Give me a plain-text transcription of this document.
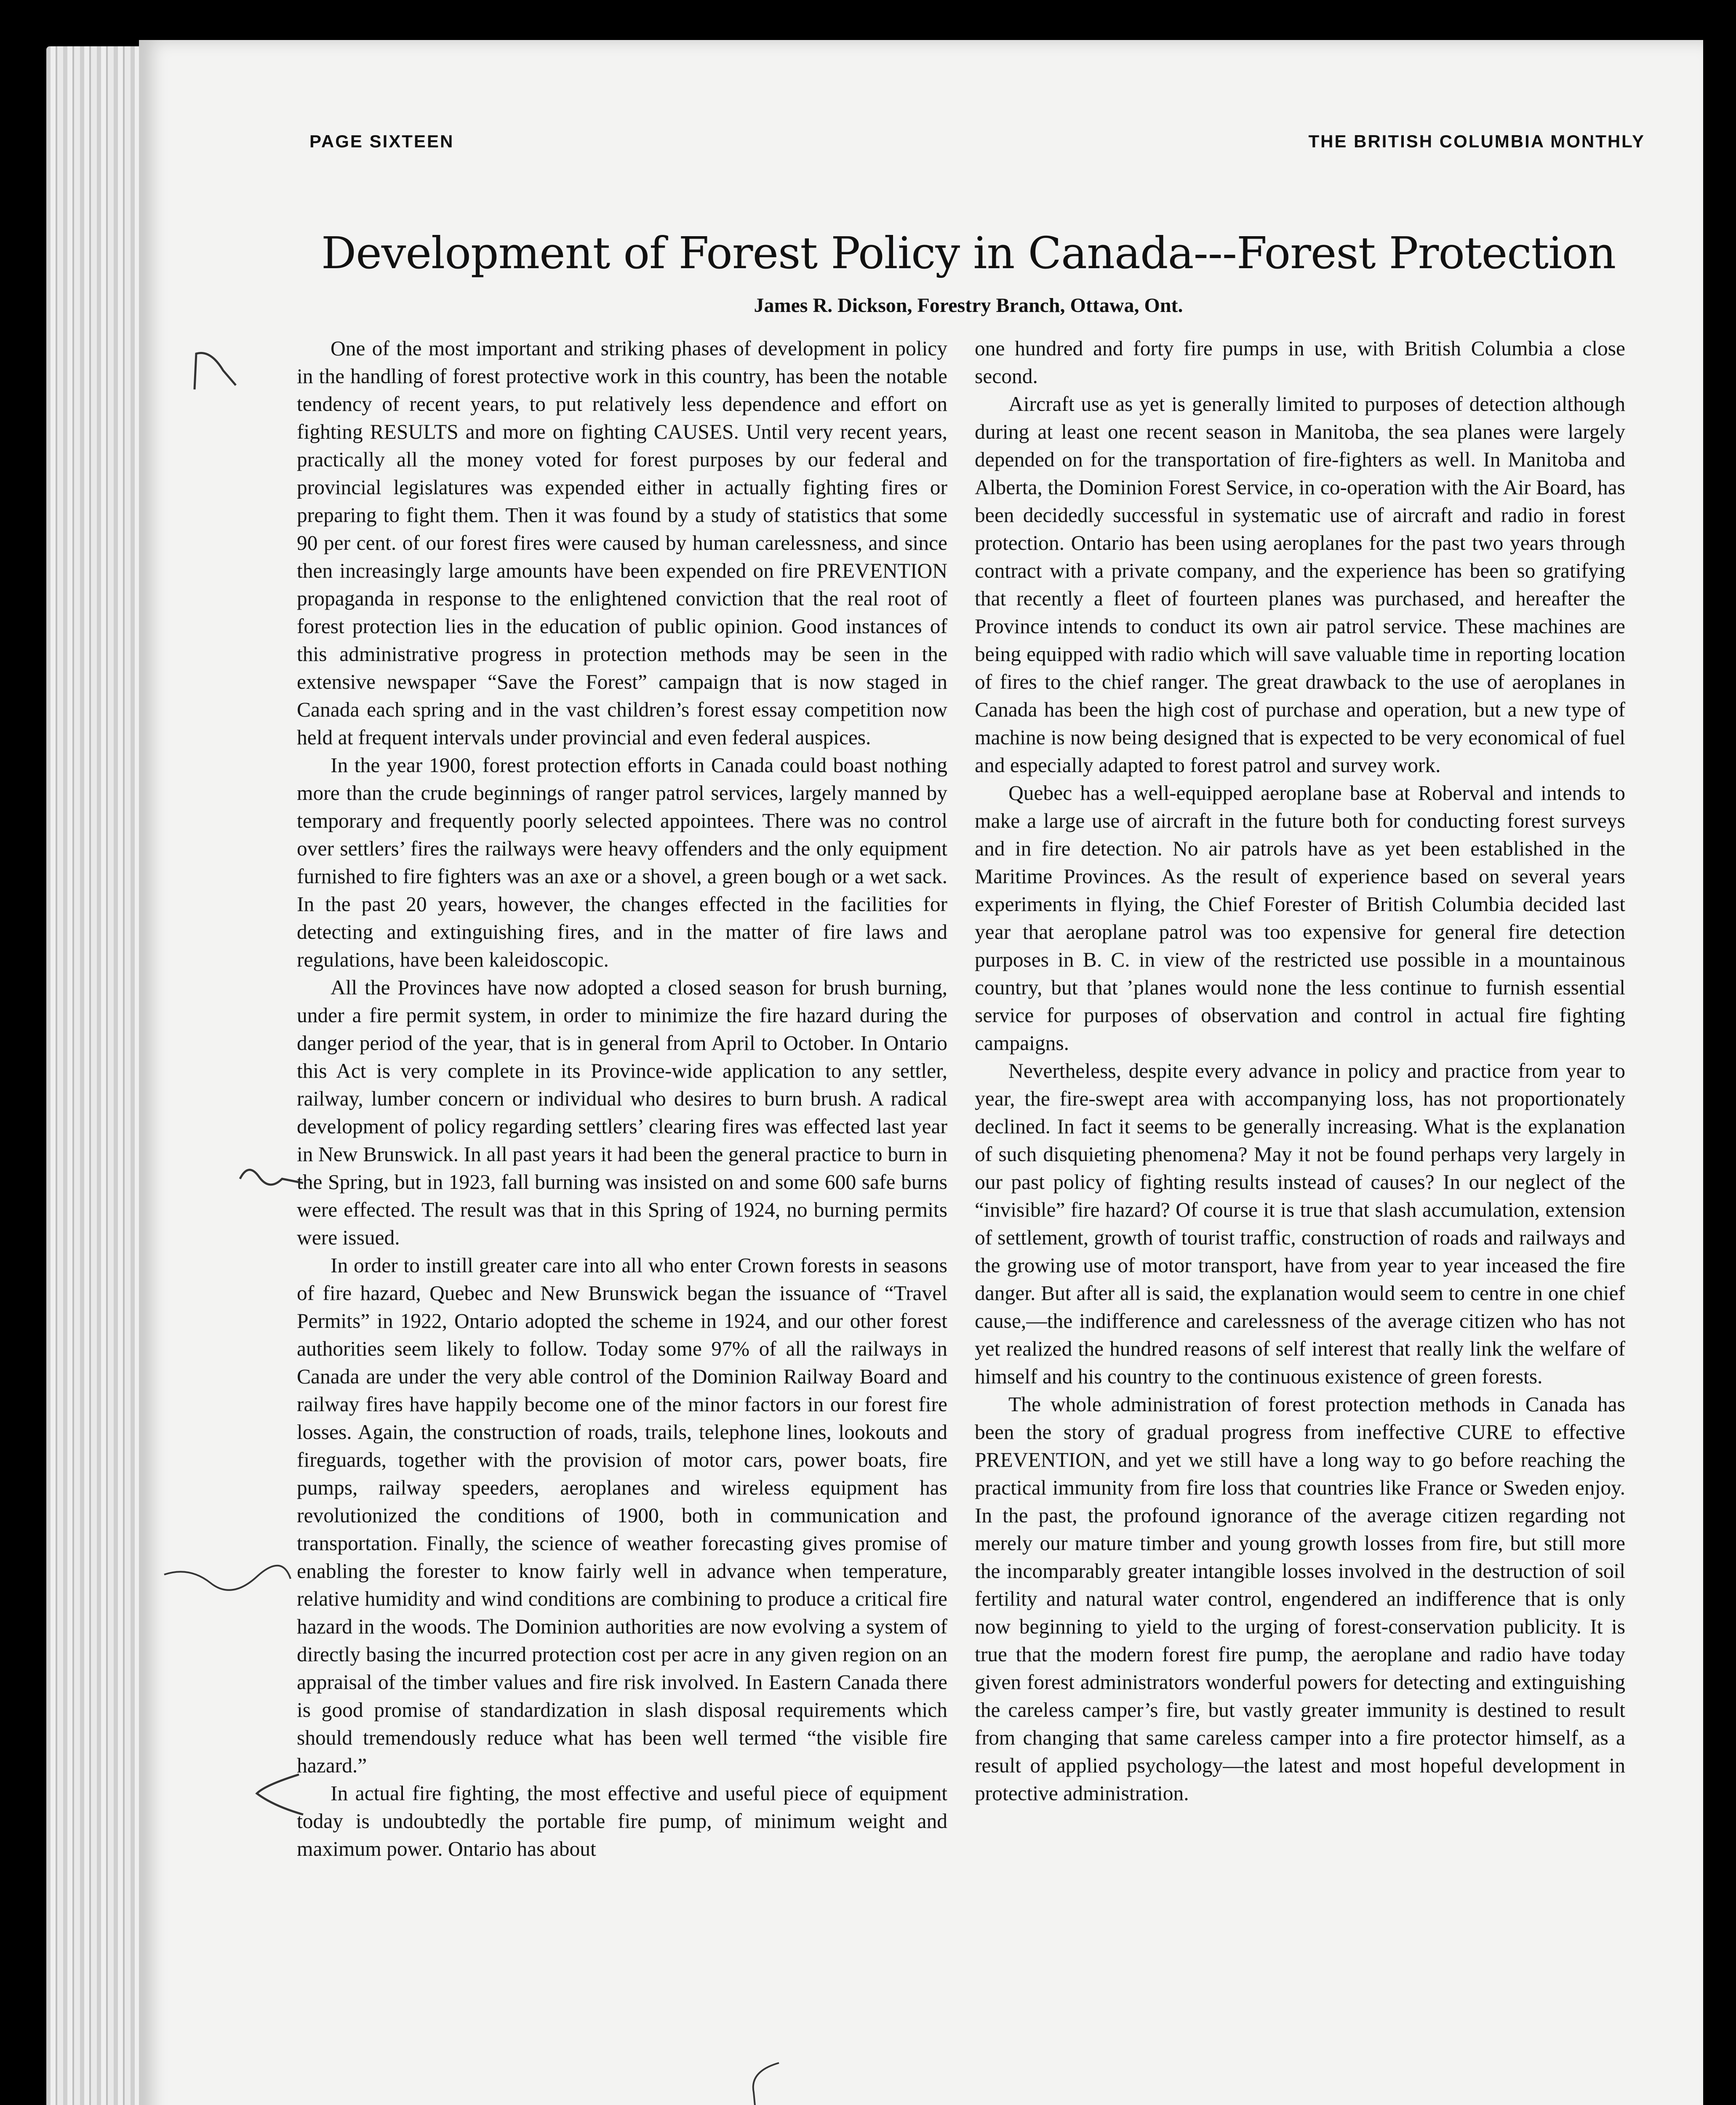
PAGE SIXTEEN	THE BRITISH COLUMBIA MONTHLY
Development of Forest Policy in Canada---Forest Protection
James R. Dickson, Forestry Branch, Ottawa, Ont.

One of the most important and striking phases of development in policy in the handling of forest protective work in this country, has been the notable tendency of recent years, to put relatively less dependence and effort on fighting RESULTS and more on fighting CAUSES. Until very recent years, practically all the money voted for forest purposes by our federal and provincial legislatures was expended either in actually fighting fires or preparing to fight them. Then it was found by a study of statistics that some 90 per cent. of our forest fires were caused by human carelessness, and since then increasingly large amounts have been expended on fire PREVENTION propaganda in response to the enlightened conviction that the real root of forest protection lies in the education of public opinion. Good instances of this administrative progress in protection methods may be seen in the extensive newspaper “Save the Forest” campaign that is now staged in Canada each spring and in the vast children’s forest essay competition now held at frequent intervals under provincial and even federal auspices.

In the year 1900, forest protection efforts in Canada could boast nothing more than the crude beginnings of ranger patrol services, largely manned by temporary and frequently poorly selected appointees. There was no control over settlers’ fires the railways were heavy offenders and the only equipment furnished to fire fighters was an axe or a shovel, a green bough or a wet sack. In the past 20 years, however, the changes effected in the facilities for detecting and extinguishing fires, and in the matter of fire laws and regulations, have been kaleidoscopic.

All the Provinces have now adopted a closed season for brush burning, under a fire permit system, in order to minimize the fire hazard during the danger period of the year, that is in general from April to October. In Ontario this Act is very complete in its Province-wide application to any settler, railway, lumber concern or individual who desires to burn brush. A radical development of policy regarding settlers’ clearing fires was effected last year in New Brunswick. In all past years it had been the general practice to burn in the Spring, but in 1923, fall burning was insisted on and some 600 safe burns were effected. The result was that in this Spring of 1924, no burning permits were issued.

In order to instill greater care into all who enter Crown forests in seasons of fire hazard, Quebec and New Brunswick began the issuance of “Travel Permits” in 1922, Ontario adopted the scheme in 1924, and our other forest authorities seem likely to follow. Today some 97% of all the railways in Canada are under the very able control of the Dominion Railway Board and railway fires have happily become one of the minor factors in our forest fire losses. Again, the construction of roads, trails, telephone lines, lookouts and fireguards, together with the provision of motor cars, power boats, fire pumps, railway speeders, aeroplanes and wireless equipment has revolutionized the conditions of 1900, both in communication and transportation. Finally, the science of weather forecasting gives promise of enabling the forester to know fairly well in advance when temperature, relative humidity and wind conditions are combining to produce a critical fire hazard in the woods. The Dominion authorities are now evolving a system of directly basing the incurred protection cost per acre in any given region on an appraisal of the timber values and fire risk involved. In Eastern Canada there is good promise of standardization in slash disposal requirements which should tremendously reduce what has been well termed “the visible fire hazard.”

In actual fire fighting, the most effective and useful piece of equipment today is undoubtedly the portable fire pump, of minimum weight and maximum power. Ontario has about

one hundred and forty fire pumps in use, with British Columbia a close second.

Aircraft use as yet is generally limited to purposes of detection although during at least one recent season in Manitoba, the sea planes were largely depended on for the transportation of fire-fighters as well. In Manitoba and Alberta, the Dominion Forest Service, in co-operation with the Air Board, has been decidedly successful in systematic use of aircraft and radio in forest protection. Ontario has been using aeroplanes for the past two years through contract with a private company, and the experience has been so gratifying that recently a fleet of fourteen planes was purchased, and hereafter the Province intends to conduct its own air patrol service. These machines are being equipped with radio which will save valuable time in reporting location of fires to the chief ranger. The great drawback to the use of aeroplanes in Canada has been the high cost of purchase and operation, but a new type of machine is now being designed that is expected to be very economical of fuel and especially adapted to forest patrol and survey work.

Quebec has a well-equipped aeroplane base at Roberval and intends to make a large use of aircraft in the future both for conducting forest surveys and in fire detection. No air patrols have as yet been established in the Maritime Provinces. As the result of experience based on several years experiments in flying, the Chief Forester of British Columbia decided last year that aeroplane patrol was too expensive for general fire detection purposes in B. C. in view of the restricted use possible in a mountainous country, but that ’planes would none the less continue to furnish essential service for purposes of observation and control in actual fire fighting campaigns.

Nevertheless, despite every advance in policy and practice from year to year, the fire-swept area with accompanying loss, has not proportionately declined. In fact it seems to be generally increasing. What is the explanation of such disquieting phenomena? May it not be found perhaps very largely in our past policy of fighting results instead of causes? In our neglect of the “invisible” fire hazard? Of course it is true that slash accumulation, extension of settlement, growth of tourist traffic, construction of roads and railways and the growing use of motor transport, have from year to year inceased the fire danger. But after all is said, the explanation would seem to centre in one chief cause,—the indifference and carelessness of the average citizen who has not yet realized the hundred reasons of self interest that really link the welfare of himself and his country to the continuous existence of green forests.

The whole administration of forest protection methods in Canada has been the story of gradual progress from ineffective CURE to effective PREVENTION, and yet we still have a long way to go before reaching the practical immunity from fire loss that countries like France or Sweden enjoy. In the past, the profound ignorance of the average citizen regarding not merely our mature timber and young growth losses from fire, but still more the incomparably greater intangible losses involved in the destruction of soil fertility and natural water control, engendered an indifference that is only now beginning to yield to the urging of forest-conservation publicity. It is true that the modern forest fire pump, the aeroplane and radio have today given forest administrators wonderful powers for detecting and extinguishing the careless camper’s fire, but vastly greater immunity is destined to result from changing that same careless camper into a fire protector himself, as a result of applied psychology—the latest and most hopeful development in protective administration.
